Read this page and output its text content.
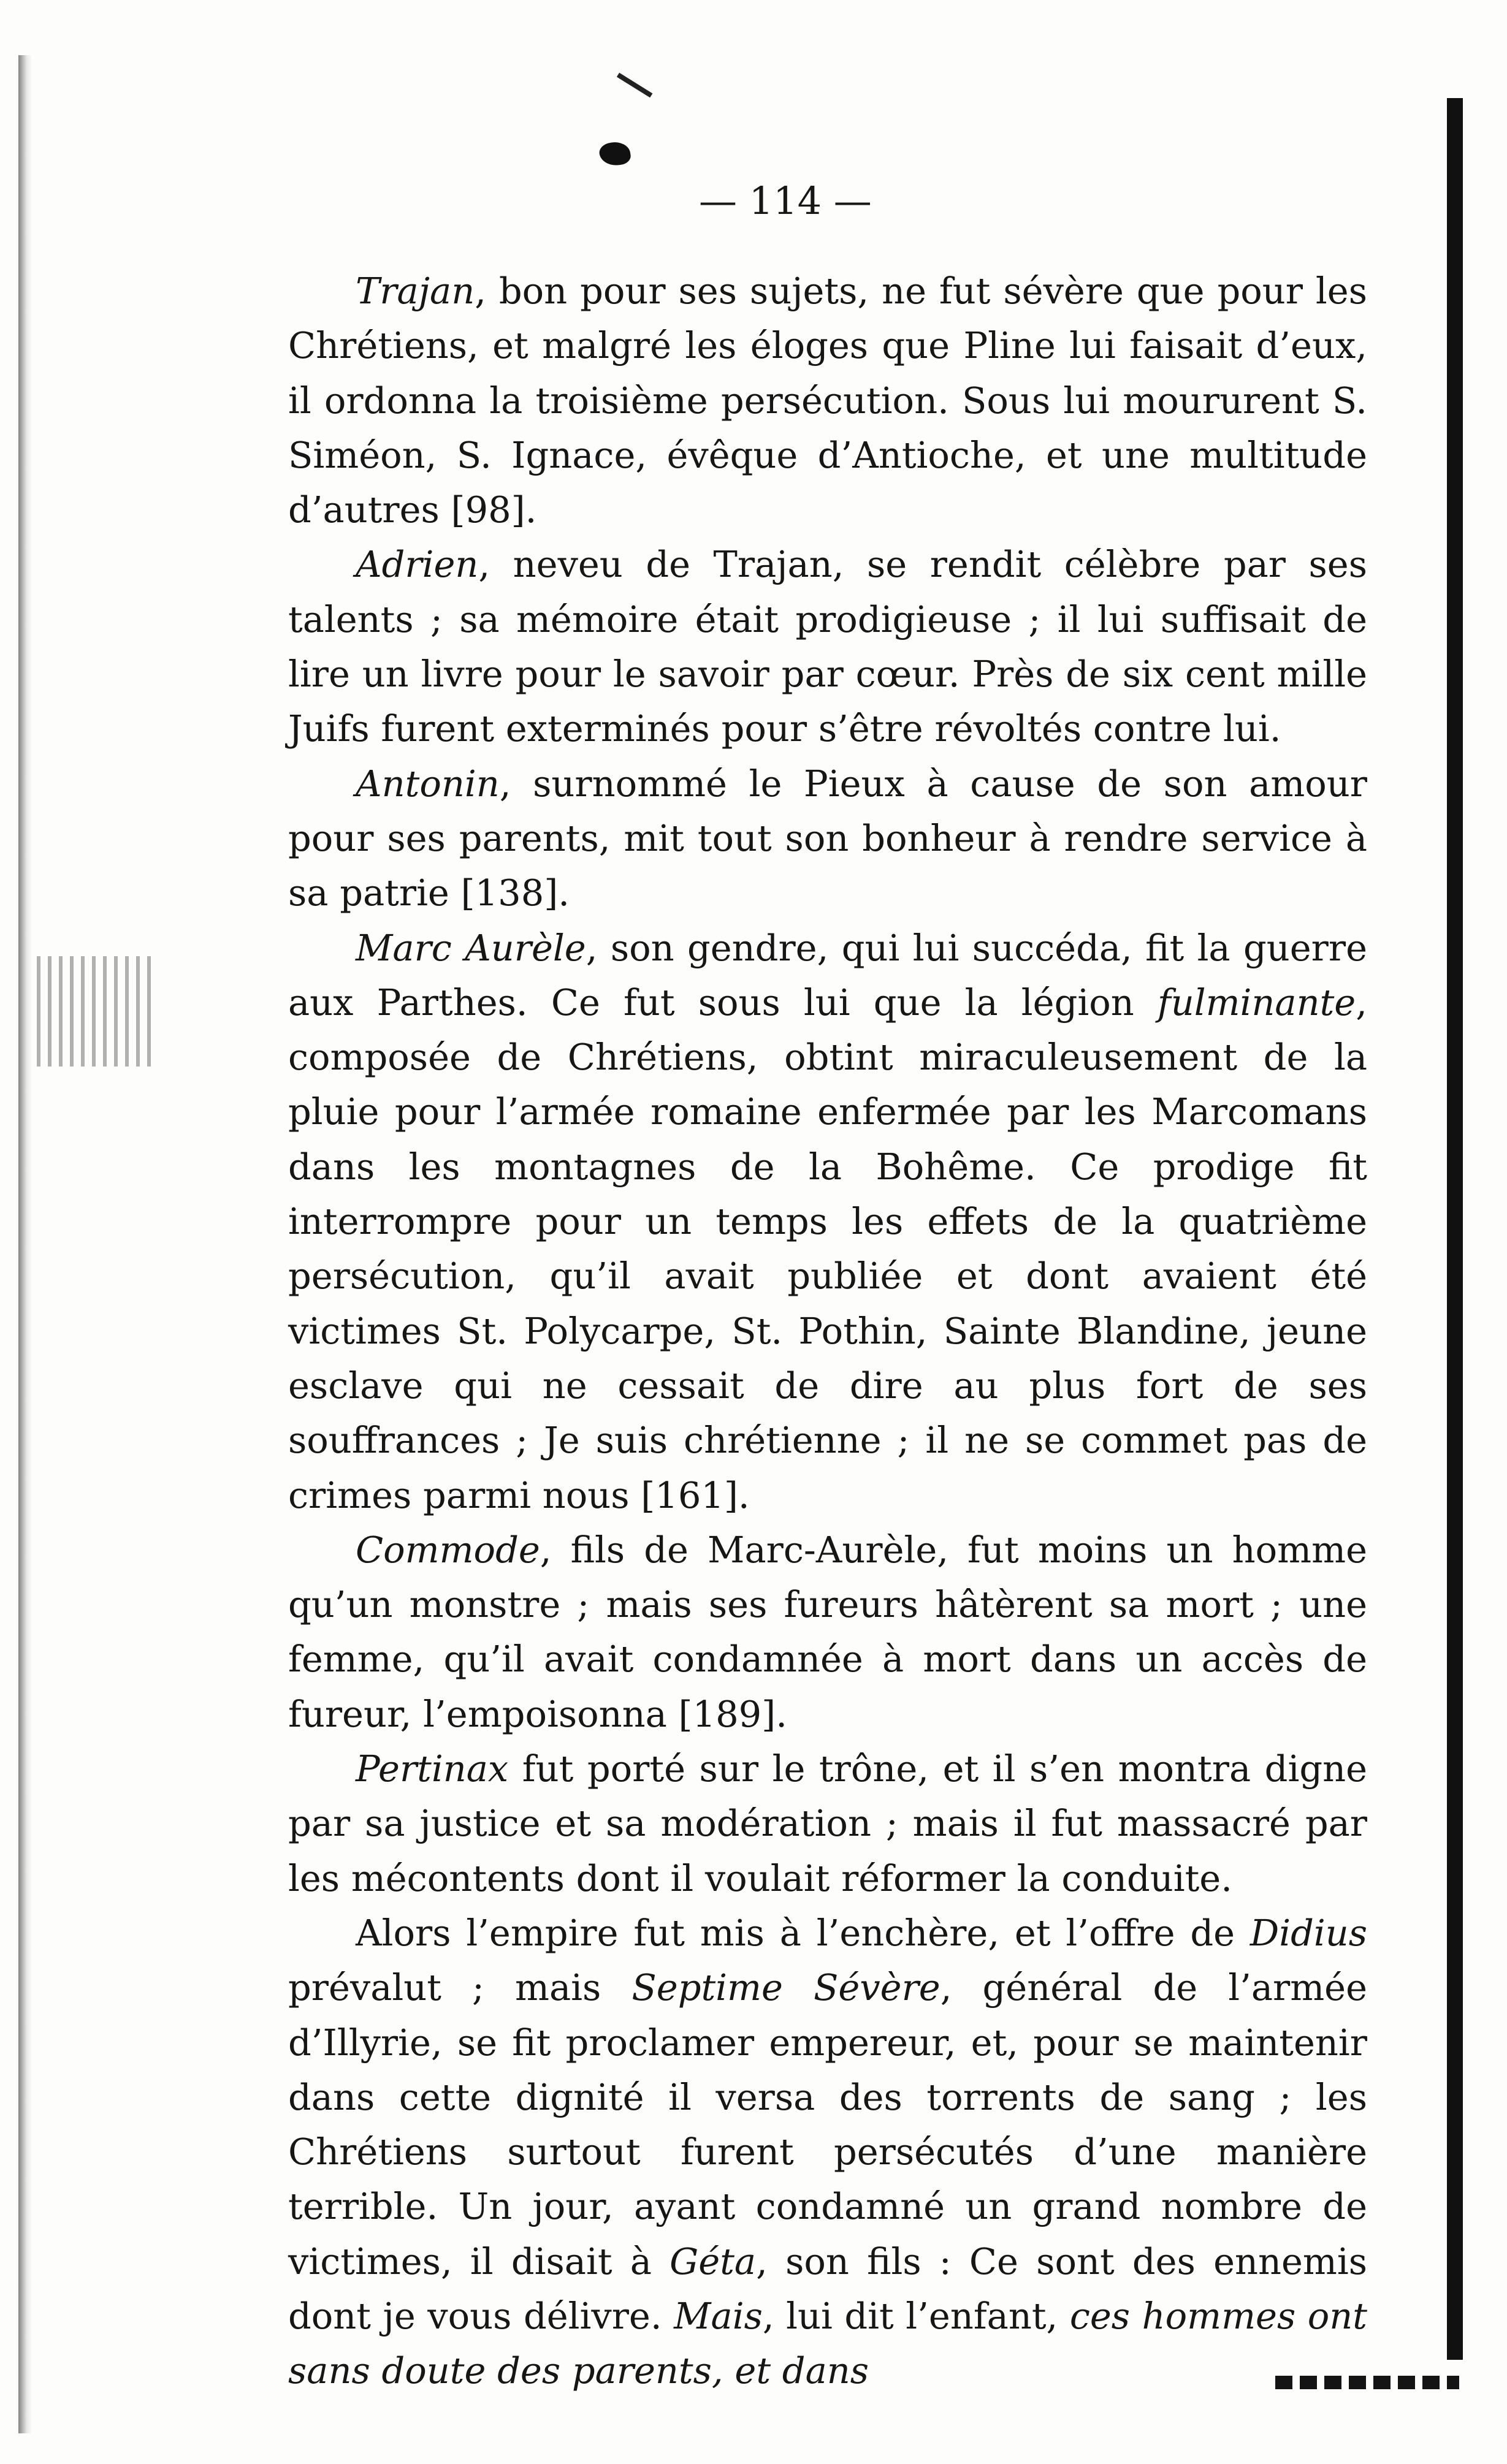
— 114 —

Trajan, bon pour ses sujets, ne fut sévère que pour les Chrétiens, et malgré les éloges que Pline lui faisait d’eux, il ordonna la troisième persécution. Sous lui moururent S. Siméon, S. Ignace, évêque d’Antioche, et une multitude d’autres [98].

Adrien, neveu de Trajan, se rendit célèbre par ses talents ; sa mémoire était prodigieuse ; il lui suffisait de lire un livre pour le savoir par cœur. Près de six cent mille Juifs furent exterminés pour s’être révoltés contre lui.

Antonin, surnommé le Pieux à cause de son amour pour ses parents, mit tout son bonheur à rendre service à sa patrie [138].

Marc Aurèle, son gendre, qui lui succéda, fit la guerre aux Parthes. Ce fut sous lui que la légion fulminante, composée de Chrétiens, obtint miraculeusement de la pluie pour l’armée romaine enfermée par les Marcomans dans les montagnes de la Bohême. Ce prodige fit interrompre pour un temps les effets de la quatrième persécution, qu’il avait publiée et dont avaient été victimes St. Polycarpe, St. Pothin, Sainte Blandine, jeune esclave qui ne cessait de dire au plus fort de ses souffrances ; Je suis chrétienne ; il ne se commet pas de crimes parmi nous [161].

Commode, fils de Marc-Aurèle, fut moins un homme qu’un monstre ; mais ses fureurs hâtèrent sa mort ; une femme, qu’il avait condamnée à mort dans un accès de fureur, l’empoisonna [189].

Pertinax fut porté sur le trône, et il s’en montra digne par sa justice et sa modération ; mais il fut massacré par les mécontents dont il voulait réformer la conduite.

Alors l’empire fut mis à l’enchère, et l’offre de Didius prévalut ; mais Septime Sévère, général de l’armée d’Illyrie, se fit proclamer empereur, et, pour se maintenir dans cette dignité il versa des torrents de sang ; les Chrétiens surtout furent persécutés d’une manière terrible. Un jour, ayant condamné un grand nombre de victimes, il disait à Géta, son fils : Ce sont des ennemis dont je vous délivre. Mais, lui dit l’enfant, ces hommes ont sans doute des parents, et dans
